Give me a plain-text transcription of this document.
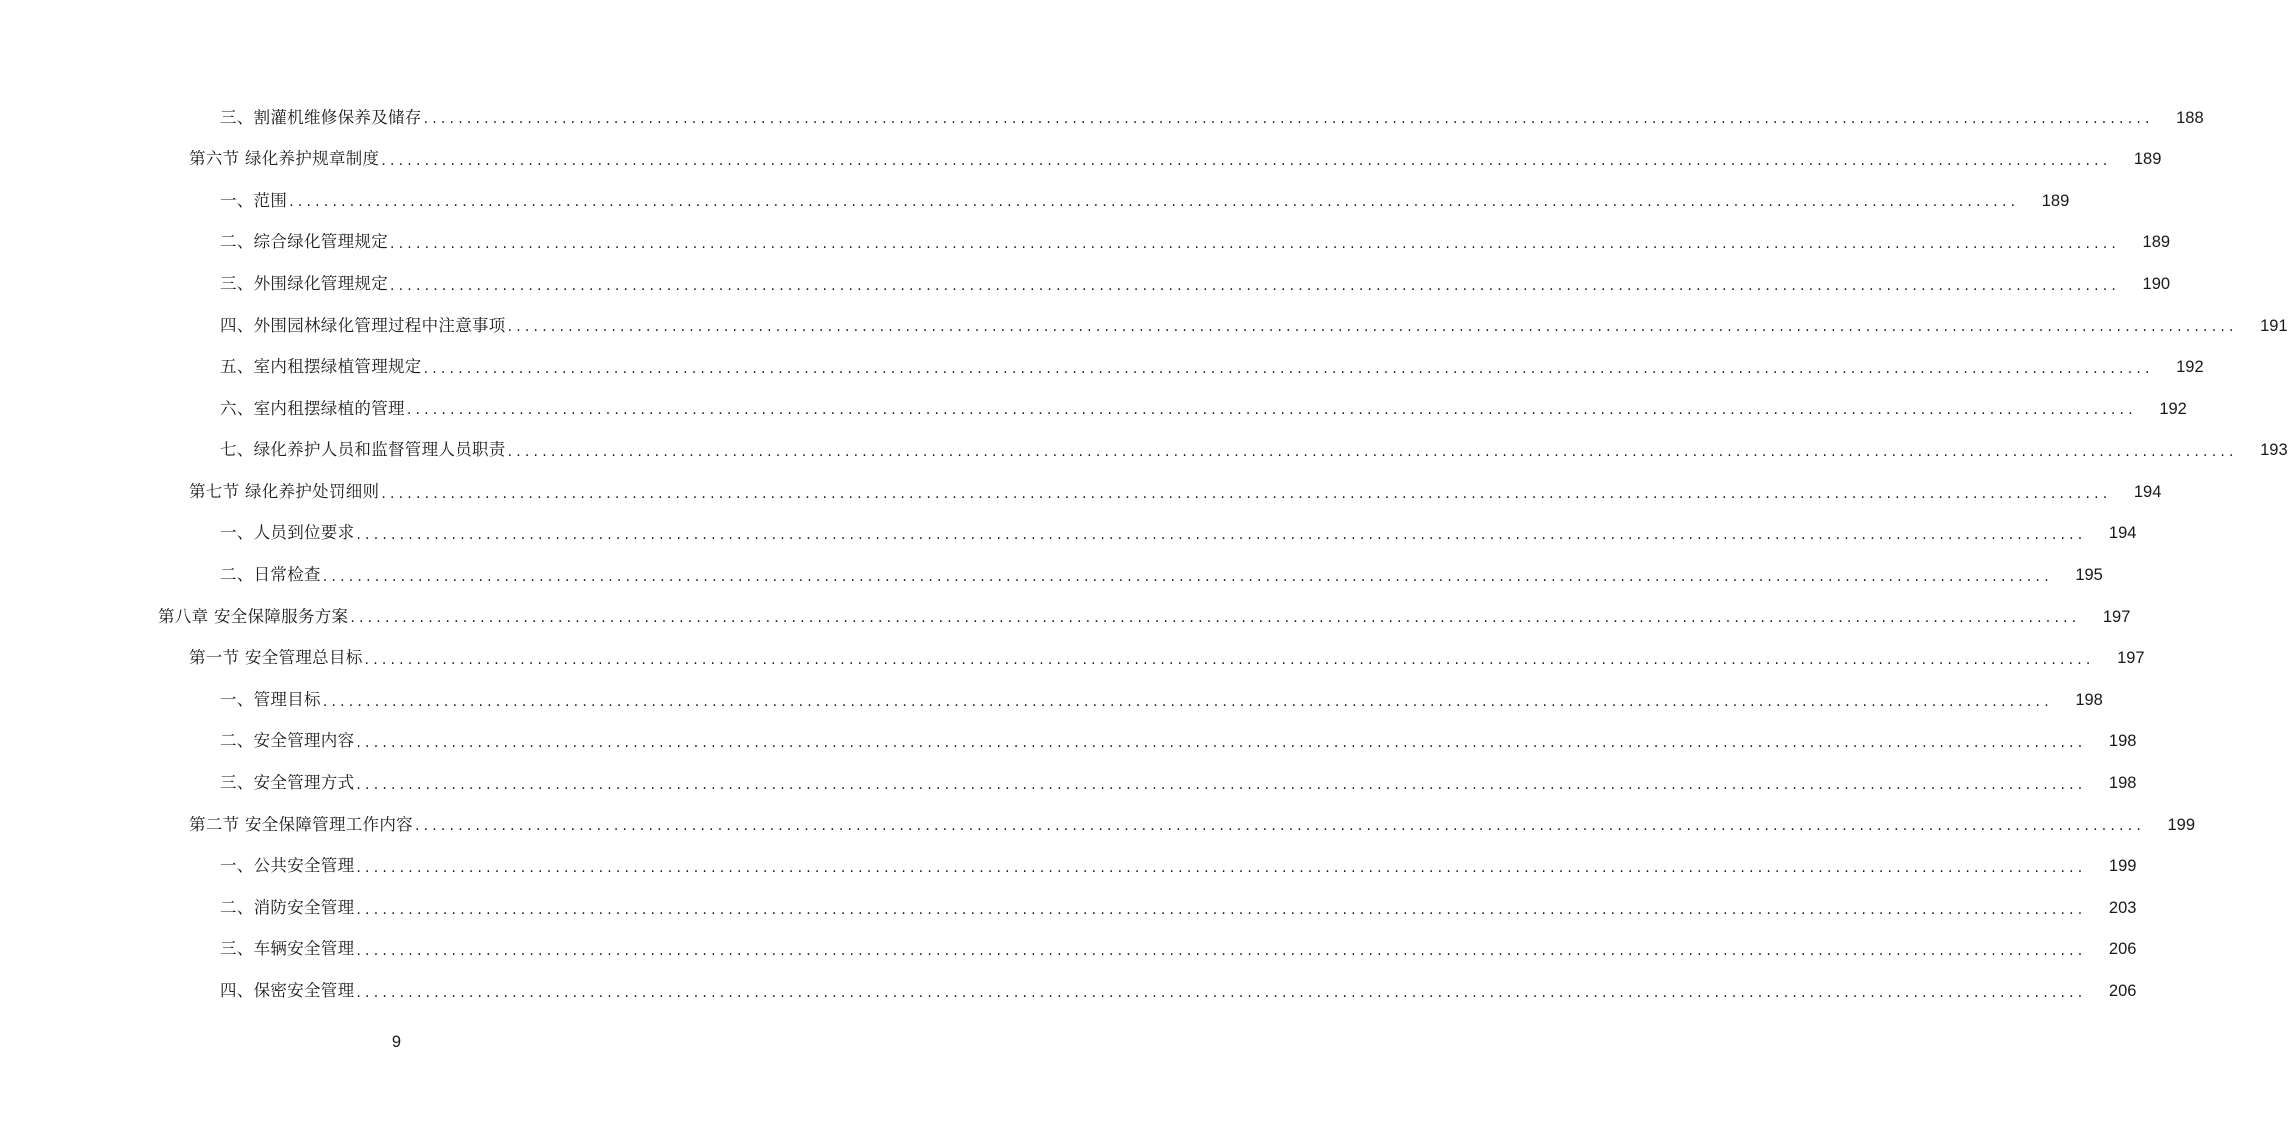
三、割灌机维修保养及储存 ........................................................................................................................................................................................................	188
第六节 绿化养护规章制度 ........................................................................................................................................................................................................	189
一、范围 ........................................................................................................................................................................................................	189
二、综合绿化管理规定 ........................................................................................................................................................................................................	189
三、外围绿化管理规定 ........................................................................................................................................................................................................	190
四、外围园林绿化管理过程中注意事项 ........................................................................................................................................................................................................	191
五、室内租摆绿植管理规定 ........................................................................................................................................................................................................	192
六、室内租摆绿植的管理 ........................................................................................................................................................................................................	192
七、绿化养护人员和监督管理人员职责 ........................................................................................................................................................................................................	193
第七节 绿化养护处罚细则 ........................................................................................................................................................................................................	194
一、人员到位要求 ........................................................................................................................................................................................................	194
二、日常检查 ........................................................................................................................................................................................................	195
第八章 安全保障服务方案 ........................................................................................................................................................................................................	197
第一节 安全管理总目标 ........................................................................................................................................................................................................	197
一、管理目标 ........................................................................................................................................................................................................	198
二、安全管理内容 ........................................................................................................................................................................................................	198
三、安全管理方式 ........................................................................................................................................................................................................	198
第二节 安全保障管理工作内容 ........................................................................................................................................................................................................	199
一、公共安全管理 ........................................................................................................................................................................................................	199
二、消防安全管理 ........................................................................................................................................................................................................	203
三、车辆安全管理 ........................................................................................................................................................................................................	206
四、保密安全管理 ........................................................................................................................................................................................................	206
9
